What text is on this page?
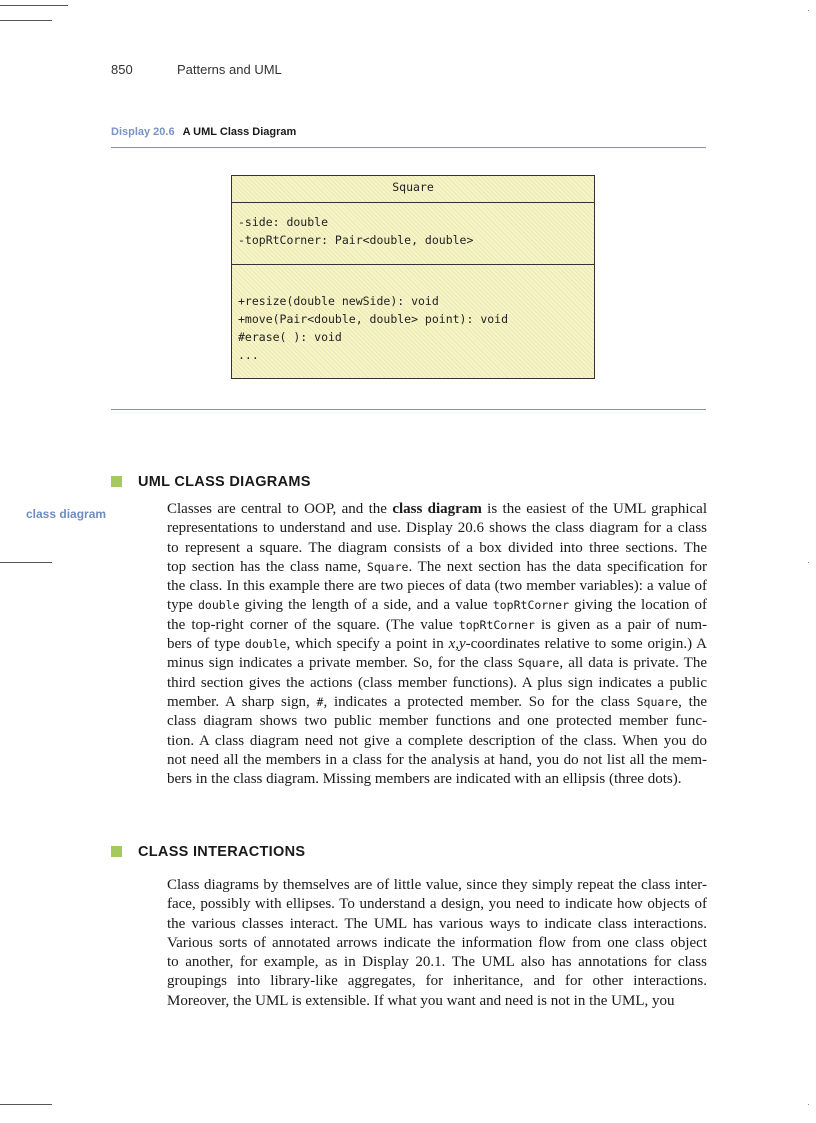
850	Patterns and UML
Display 20.6 A UML Class Diagram
Square
-side: double
-topRtCorner: Pair<double, double>
+resize(double newSide): void
+move(Pair<double, double> point): void
#erase( ): void
...
UML CLASS DIAGRAMS
class diagram	Classes are central to OOP, and the class diagram is the easiest of the UML graphical
representations to understand and use. Display 20.6 shows the class diagram for a class
to represent a square. The diagram consists of a box divided into three sections. The
top section has the class name, Square. The next section has the data specification for
the class. In this example there are two pieces of data (two member variables): a value of
type double giving the length of a side, and a value topRtCorner giving the location of
the top-right corner of the square. (The value topRtCorner is given as a pair of num-
bers of type double, which specify a point in x,y-coordinates relative to some origin.) A
minus sign indicates a private member. So, for the class Square, all data is private. The
third section gives the actions (class member functions). A plus sign indicates a public
member. A sharp sign, #, indicates a protected member. So for the class Square, the
class diagram shows two public member functions and one protected member func-
tion. A class diagram need not give a complete description of the class. When you do
not need all the members in a class for the analysis at hand, you do not list all the mem-
bers in the class diagram. Missing members are indicated with an ellipsis (three dots).
CLASS INTERACTIONS
Class diagrams by themselves are of little value, since they simply repeat the class inter-
face, possibly with ellipses. To understand a design, you need to indicate how objects of
the various classes interact. The UML has various ways to indicate class interactions.
Various sorts of annotated arrows indicate the information flow from one class object
to another, for example, as in Display 20.1. The UML also has annotations for class
groupings into library-like aggregates, for inheritance, and for other interactions.
Moreover, the UML is extensible. If what you want and need is not in the UML, you
